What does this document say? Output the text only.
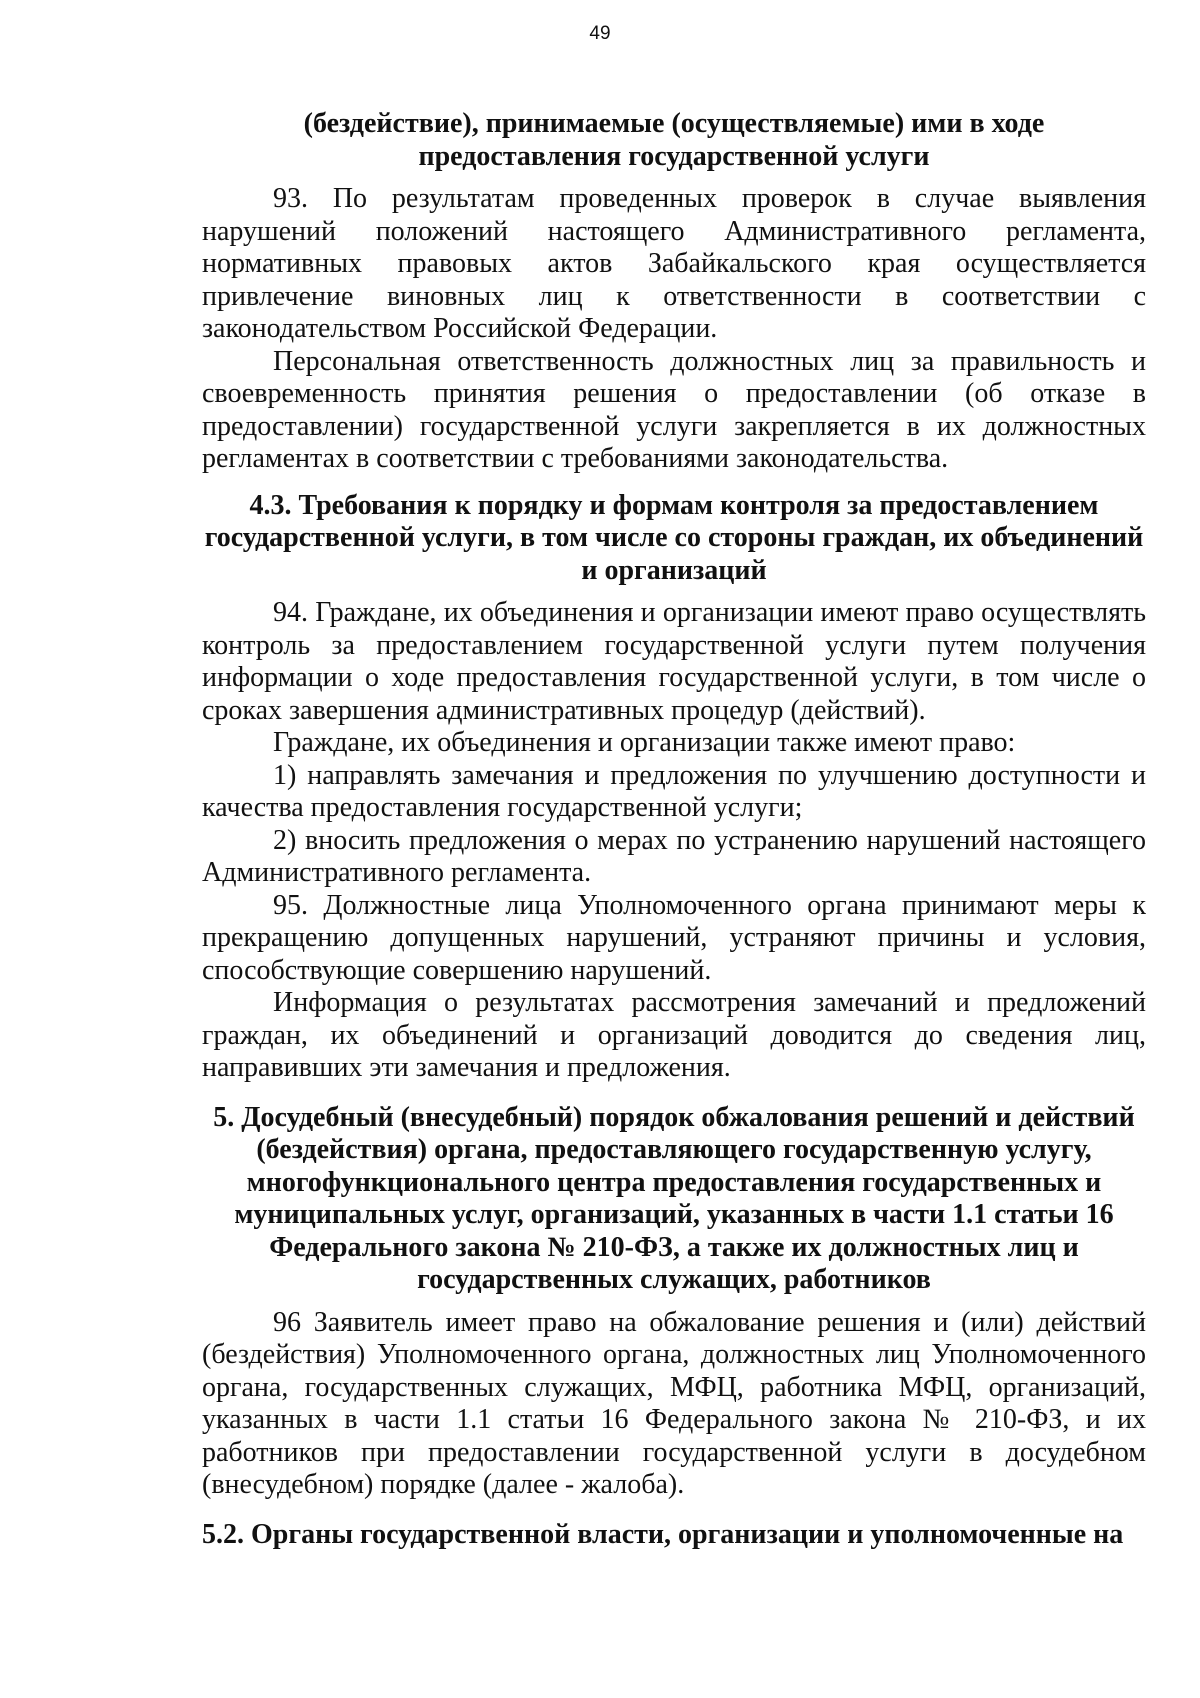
49

(бездействие), принимаемые (осуществляемые) ими в ходе предоставления государственной услуги

93. По результатам проведенных проверок в случае выявления нарушений положений настоящего Административного регламента, нормативных правовых актов Забайкальского края осуществляется привлечение виновных лиц к ответственности в соответствии с законодательством Российской Федерации.

Персональная ответственность должностных лиц за правильность и своевременность принятия решения о предоставлении (об отказе в предоставлении) государственной услуги закрепляется в их должностных регламентах в соответствии с требованиями законодательства.

4.3. Требования к порядку и формам контроля за предоставлением государственной услуги, в том числе со стороны граждан, их объединений и организаций

94. Граждане, их объединения и организации имеют право осуществлять контроль за предоставлением государственной услуги путем получения информации о ходе предоставления государственной услуги, в том числе о сроках завершения административных процедур (действий).

Граждане, их объединения и организации также имеют право:

1) направлять замечания и предложения по улучшению доступности и качества предоставления государственной услуги;

2) вносить предложения о мерах по устранению нарушений настоящего Административного регламента.

95. Должностные лица Уполномоченного органа принимают меры к прекращению допущенных нарушений, устраняют причины и условия, способствующие совершению нарушений.

Информация о результатах рассмотрения замечаний и предложений граждан, их объединений и организаций доводится до сведения лиц, направивших эти замечания и предложения.

5. Досудебный (внесудебный) порядок обжалования решений и действий (бездействия) органа, предоставляющего государственную услугу, многофункционального центра предоставления государственных и муниципальных услуг, организаций, указанных в части 1.1 статьи 16 Федерального закона № 210-ФЗ, а также их должностных лиц и государственных служащих, работников

96 Заявитель имеет право на обжалование решения и (или) действий (бездействия) Уполномоченного органа, должностных лиц Уполномоченного органа, государственных служащих, МФЦ, работника МФЦ, организаций, указанных в части 1.1 статьи 16 Федерального закона № 210-ФЗ, и их работников при предоставлении государственной услуги в досудебном (внесудебном) порядке (далее - жалоба).

5.2. Органы государственной власти, организации и уполномоченные на
